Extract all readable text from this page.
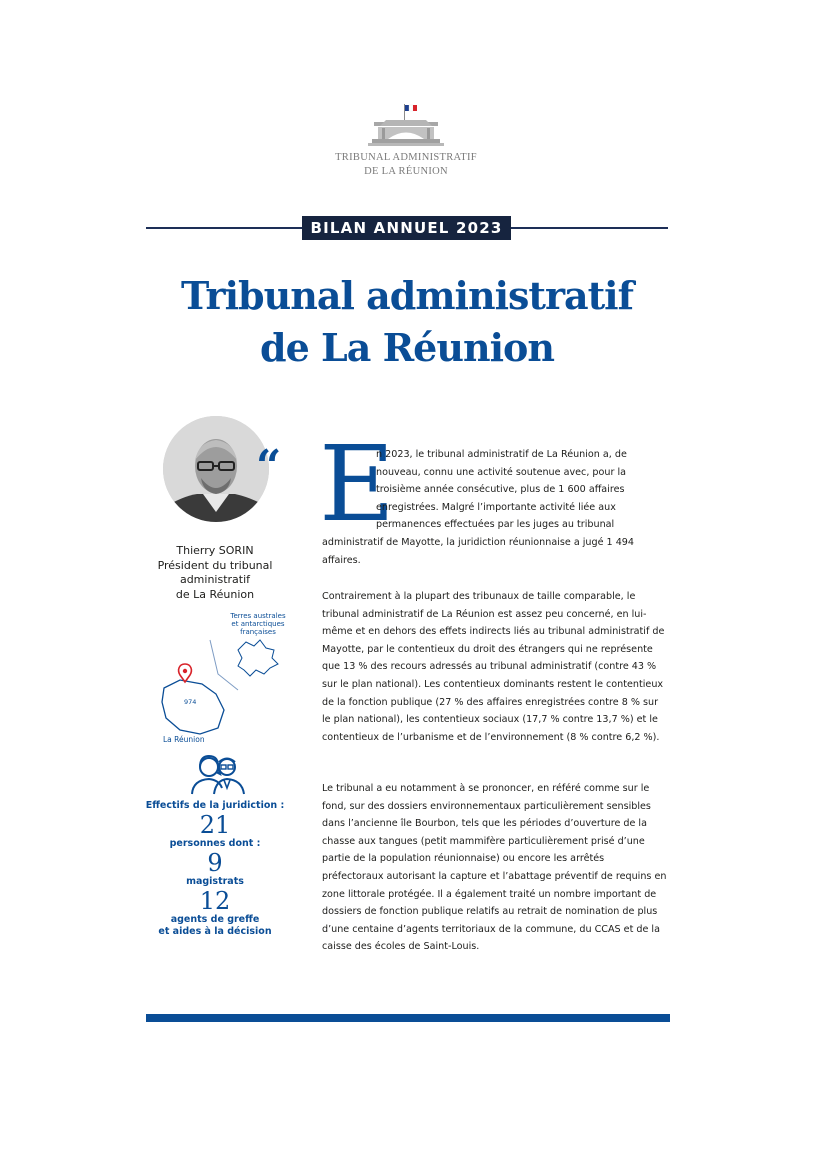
TRIBUNAL ADMINISTRATIF
DE LA RÉUNION
BILAN ANNUEL 2023
Tribunal administratif
de La Réunion
“
Thierry SORIN
Président du tribunal
administratif
de La Réunion
Terres australes
et antarctiques
françaises
974
La Réunion
Effectifs de la juridiction :
21
personnes dont :
9
magistrats
12
agents de greffe
et aides à la décision
E
n 2023, le tribunal administratif de La Réunion a, de nouveau, connu une activité soutenue avec, pour la troisième année consécutive, plus de 1 600 affaires enregistrées. Malgré l’importante activité liée aux permanences effectuées par les juges au tribunal
administratif de Mayotte, la juridiction réunionnaise a jugé 1 494 affaires.
Contrairement à la plupart des tribunaux de taille comparable, le tribunal administratif de La Réunion est assez peu concerné, en lui-même et en dehors des effets indirects liés au tribunal administratif de Mayotte, par le contentieux du droit des étrangers qui ne représente que 13 % des recours adressés au tribunal administratif (contre 43 % sur le plan national). Les contentieux dominants restent le contentieux de la fonction publique (27 % des affaires enregistrées contre 8 % sur le plan national), les contentieux sociaux (17,7 % contre 13,7 %) et le contentieux de l’urbanisme et de l’environnement (8 % contre 6,2 %).
Le tribunal a eu notamment à se prononcer, en référé comme sur le fond, sur des dossiers environnementaux particulièrement sensibles dans l’ancienne île Bourbon, tels que les périodes d’ouverture de la chasse aux tangues (petit mammifère particulièrement prisé d’une partie de la population réunionnaise) ou encore les arrêtés préfectoraux autorisant la capture et l’abattage préventif de requins en zone littorale protégée. Il a également traité un nombre important de dossiers de fonction publique relatifs au retrait de nomination de plus d’une centaine d’agents territoriaux de la commune, du CCAS et de la caisse des écoles de Saint-Louis.
